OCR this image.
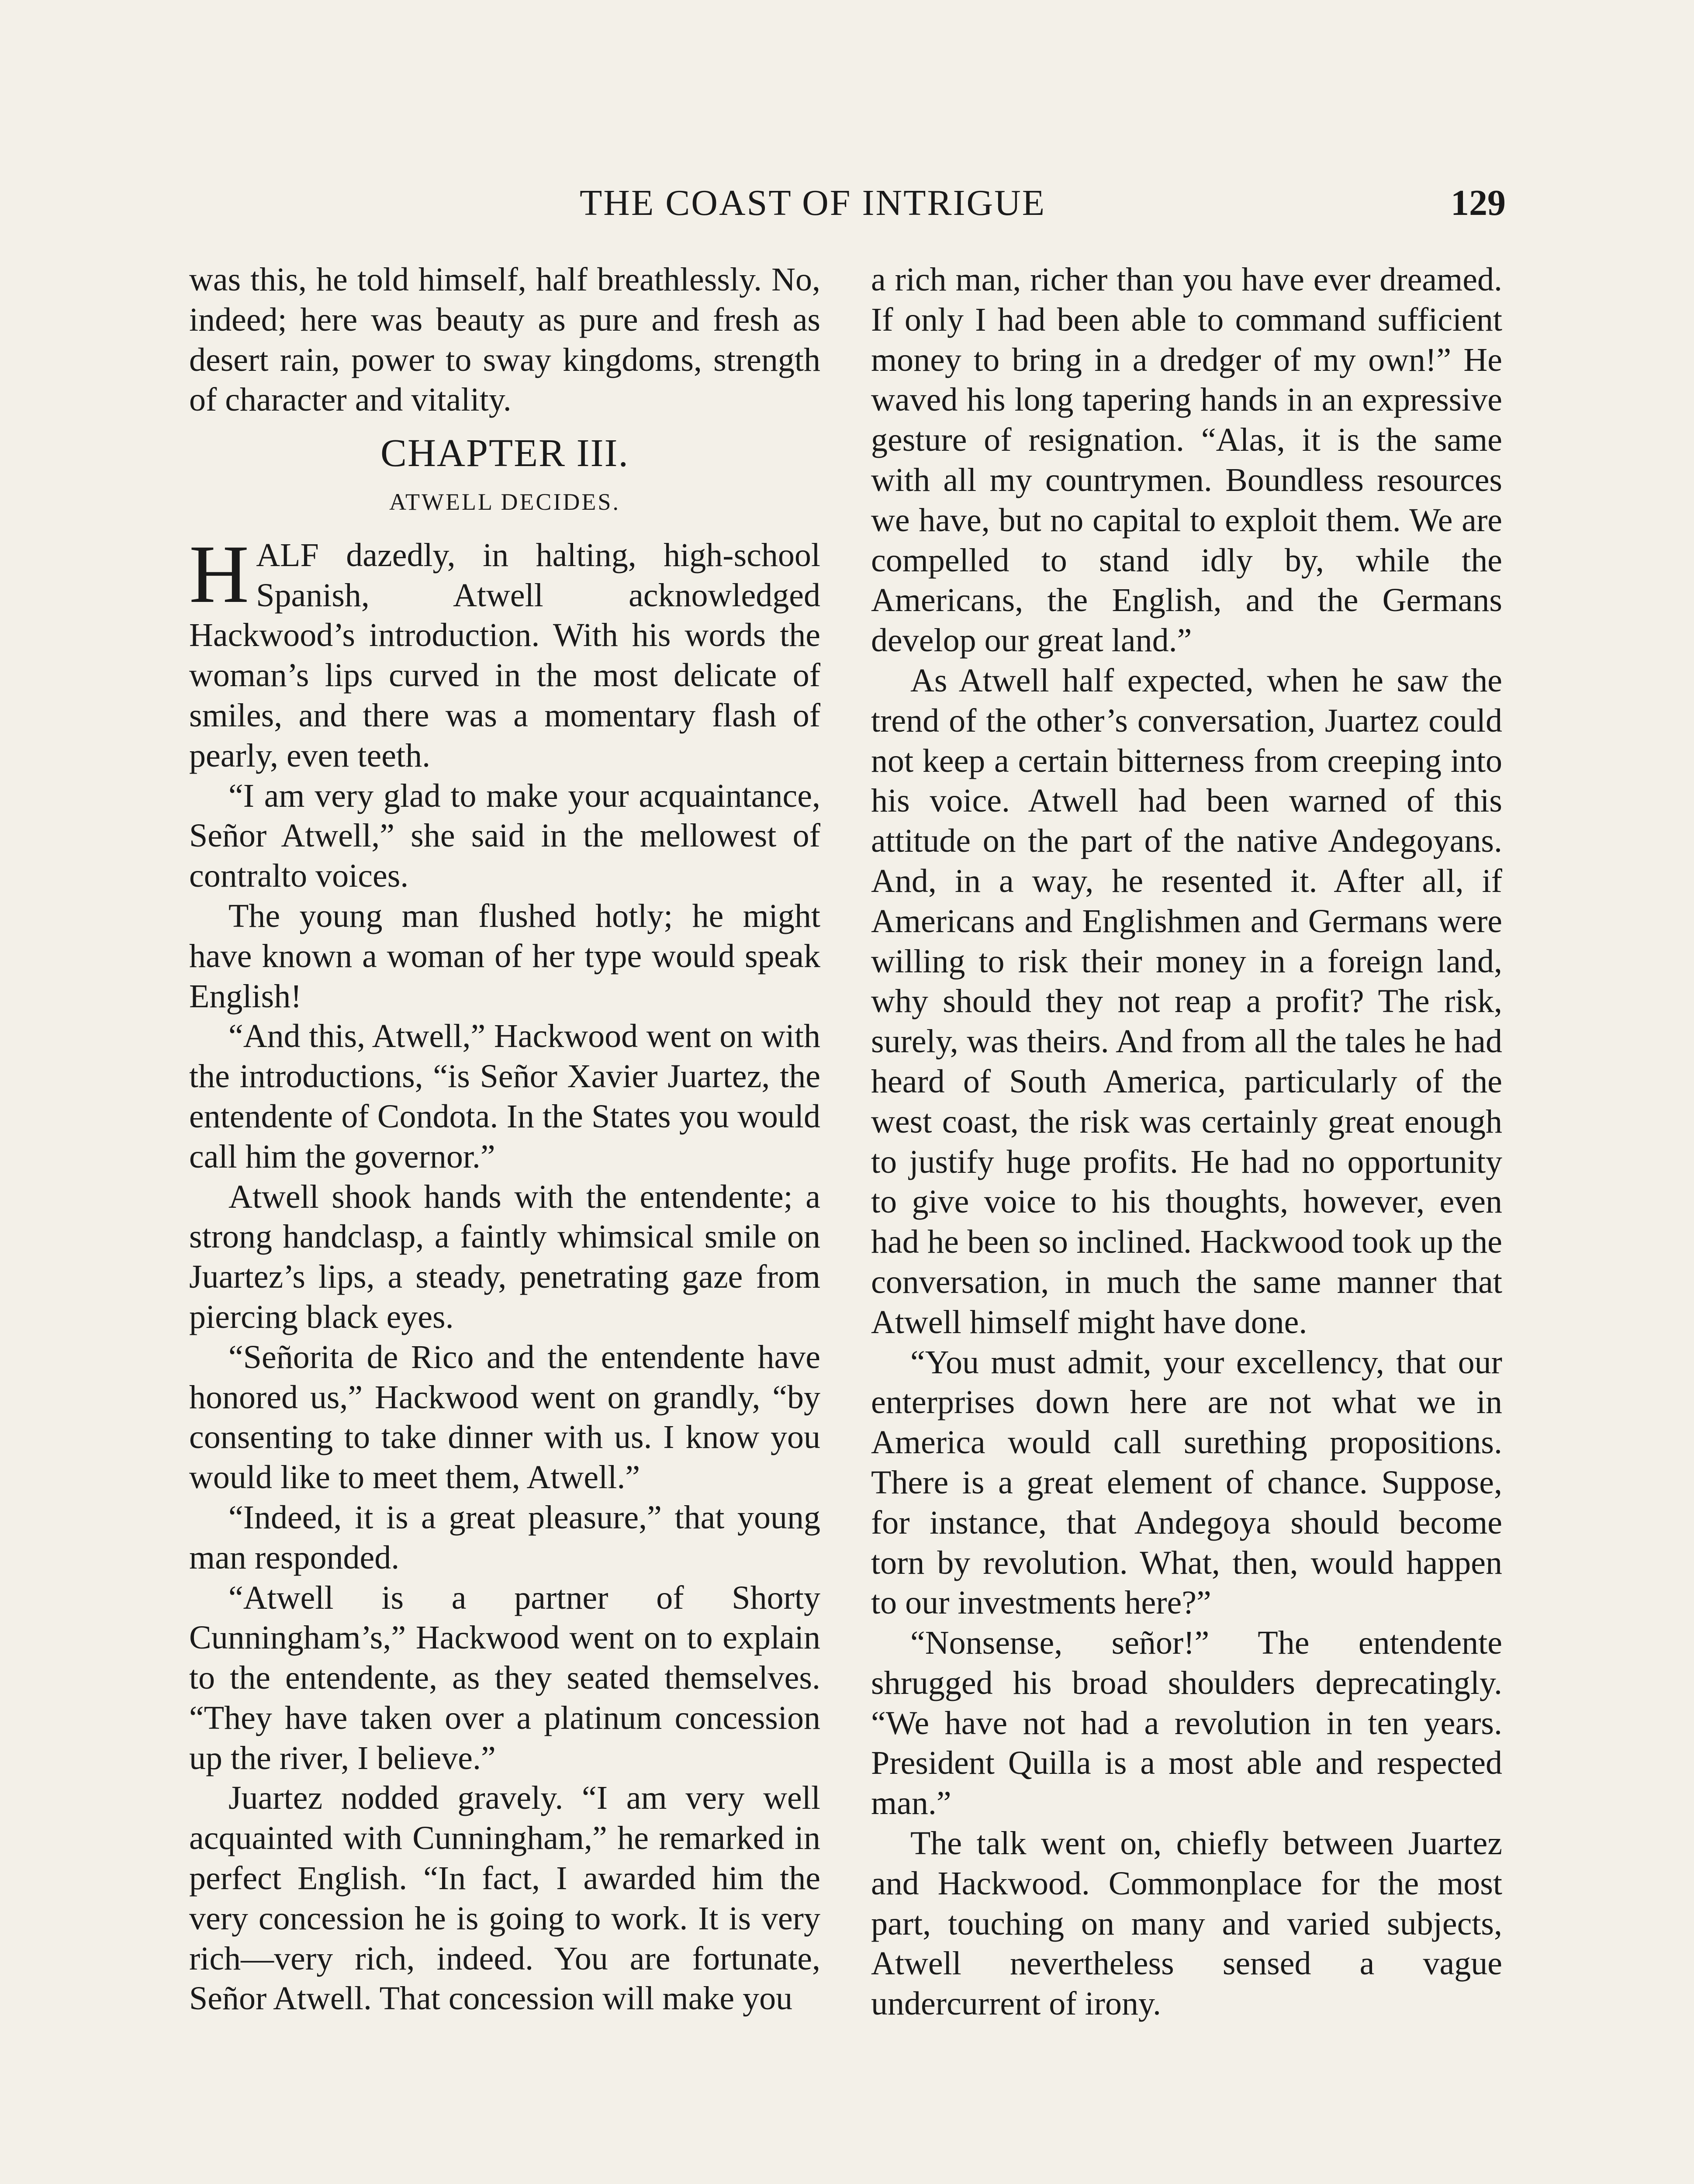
THE COAST OF INTRIGUE	129

was this, he told himself, half breathlessly. No, indeed; here was beauty as pure and fresh as desert rain, power to sway kingdoms, strength of character and vitality.

CHAPTER III.
ATWELL DECIDES.

HALF dazedly, in halting, high-school Spanish, Atwell acknowledged Hackwood’s introduction. With his words the woman’s lips curved in the most delicate of smiles, and there was a momentary flash of pearly, even teeth.

“I am very glad to make your acquaintance, Señor Atwell,” she said in the mellowest of contralto voices.

The young man flushed hotly; he might have known a woman of her type would speak English!

“And this, Atwell,” Hackwood went on with the introductions, “is Señor Xavier Juartez, the entendente of Condota. In the States you would call him the governor.”

Atwell shook hands with the entendente; a strong handclasp, a faintly whimsical smile on Juartez’s lips, a steady, penetrating gaze from piercing black eyes.

“Señorita de Rico and the entendente have honored us,” Hackwood went on grandly, “by consenting to take dinner with us. I know you would like to meet them, Atwell.”

“Indeed, it is a great pleasure,” that young man responded.

“Atwell is a partner of Shorty Cunningham’s,” Hackwood went on to explain to the entendente, as they seated themselves. “They have taken over a platinum concession up the river, I believe.”

Juartez nodded gravely. “I am very well acquainted with Cunningham,” he remarked in perfect English. “In fact, I awarded him the very concession he is going to work. It is very rich—very rich, indeed. You are fortunate, Señor Atwell. That concession will make you

a rich man, richer than you have ever dreamed. If only I had been able to command sufficient money to bring in a dredger of my own!” He waved his long tapering hands in an expressive gesture of resignation. “Alas, it is the same with all my countrymen. Boundless resources we have, but no capital to exploit them. We are compelled to stand idly by, while the Americans, the English, and the Germans develop our great land.”

As Atwell half expected, when he saw the trend of the other’s conversation, Juartez could not keep a certain bitterness from creeping into his voice. Atwell had been warned of this attitude on the part of the native Andegoyans. And, in a way, he resented it. After all, if Americans and Englishmen and Germans were willing to risk their money in a foreign land, why should they not reap a profit? The risk, surely, was theirs. And from all the tales he had heard of South America, particularly of the west coast, the risk was certainly great enough to justify huge profits. He had no opportunity to give voice to his thoughts, however, even had he been so inclined. Hackwood took up the conversation, in much the same manner that Atwell himself might have done.

“You must admit, your excellency, that our enterprises down here are not what we in America would call surething propositions. There is a great element of chance. Suppose, for instance, that Andegoya should become torn by revolution. What, then, would happen to our investments here?”

“Nonsense, señor!” The entendente shrugged his broad shoulders deprecatingly. “We have not had a revolution in ten years. President Quilla is a most able and respected man.”

The talk went on, chiefly between Juartez and Hackwood. Commonplace for the most part, touching on many and varied subjects, Atwell nevertheless sensed a vague undercurrent of irony.
